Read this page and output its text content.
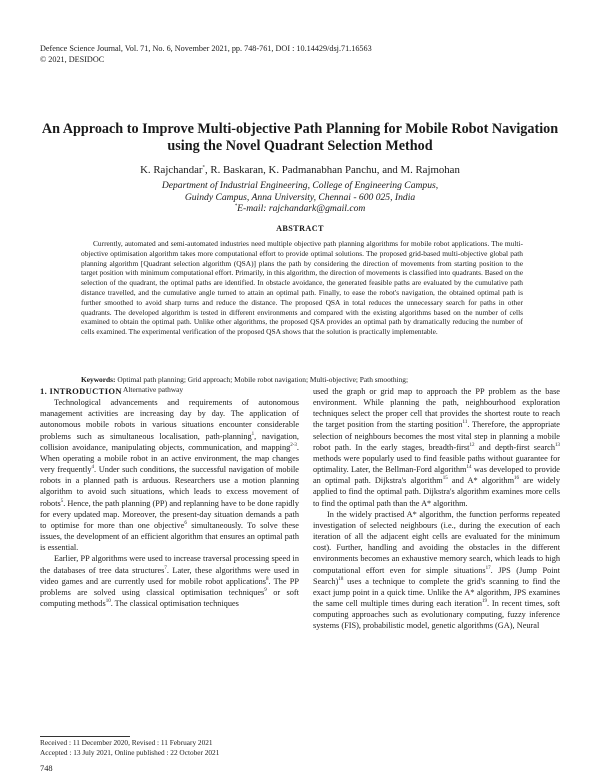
Defence Science Journal, Vol. 71, No. 6, November 2021, pp. 748-761, DOI : 10.14429/dsj.71.16563
© 2021, DESIDOC
An Approach to Improve Multi-objective Path Planning for Mobile Robot Navigation
using the Novel Quadrant Selection Method
K. Rajchandar*, R. Baskaran, K. Padmanabhan Panchu, and M. Rajmohan
Department of Industrial Engineering, College of Engineering Campus,
Guindy Campus, Anna University, Chennai - 600 025, India
*E-mail: rajchandark@gmail.com
ABSTRACT
Currently, automated and semi-automated industries need multiple objective path planning algorithms for mobile robot applications. The multi-objective optimisation algorithm takes more computational effort to provide optimal solutions. The proposed grid-based multi-objective global path planning algorithm [Quadrant selection algorithm (QSA)] plans the path by considering the direction of movements from starting position to the target position with minimum computational effort. Primarily, in this algorithm, the direction of movements is classified into quadrants. Based on the selection of the quadrant, the optimal paths are identified. In obstacle avoidance, the generated feasible paths are evaluated by the cumulative path distance travelled, and the cumulative angle turned to attain an optimal path. Finally, to ease the robot's navigation, the obtained optimal path is further smoothed to avoid sharp turns and reduce the distance. The proposed QSA in total reduces the unnecessary search for paths in other quadrants. The developed algorithm is tested in different environments and compared with the existing algorithms based on the number of cells examined to obtain the optimal path. Unlike other algorithms, the proposed QSA provides an optimal path by dramatically reducing the number of cells examined. The experimental verification of the proposed QSA shows that the solution is practically implementable.
Keywords: Optimal path planning; Grid approach; Mobile robot navigation; Multi-objective; Path smoothing;
Alternative pathway

1. INTRODUCTION

Technological advancements and requirements of autonomous management activities are increasing day by day. The application of autonomous mobile robots in various situations encounter considerable problems such as simultaneous localisation, path-planning$^1$, navigation, collision avoidance, manipulating objects, communication, and mapping$^{2-3}$. When operating a mobile robot in an active environment, the map changes very frequently$^4$. Under such conditions, the successful navigation of mobile robots in a planned path is arduous. Researchers use a motion planning algorithm to avoid such situations, which leads to excess movement of robots$^5$. Hence, the path planning (PP) and replanning have to be done rapidly for every updated map. Moreover, the present-day situation demands a path to optimise for more than one objective$^6$ simultaneously. To solve these issues, the development of an efficient algorithm that ensures an optimal path is essential.

Earlier, PP algorithms were used to increase traversal processing speed in the databases of tree data structures$^7$. Later, these algorithms were used in video games and are currently used for mobile robot applications$^8$. The PP problems are solved using classical optimisation techniques$^9$ or soft computing methods$^{10}$. The classical optimisation techniques

used the graph or grid map to approach the PP problem as the base environment. While planning the path, neighbourhood exploration techniques select the proper cell that provides the shortest route to reach the target position from the starting position$^{11}$. Therefore, the appropriate selection of neighbours becomes the most vital step in planning a mobile robot path. In the early stages, breadth-first$^{12}$ and depth-first search$^{13}$ methods were popularly used to find feasible paths without guarantee for optimality. Later, the Bellman-Ford algorithm$^{14}$ was developed to provide an optimal path. Dijkstra's algorithm$^{15}$ and A* algorithm$^{16}$ are widely applied to find the optimal path. Dijkstra's algorithm examines more cells to find the optimal path than the A* algorithm.

In the widely practised A* algorithm, the function performs repeated investigation of selected neighbours (i.e., during the execution of each iteration of all the adjacent eight cells are evaluated for the minimum cost). Further, handling and avoiding the obstacles in the different environments becomes an exhaustive memory search, which leads to high computational effort even for simple situations$^{17}$. JPS (Jump Point Search)$^{18}$ uses a technique to complete the grid's scanning to find the exact jump point in a quick time. Unlike the A* algorithm, JPS examines the same cell multiple times during each iteration$^{19}$. In recent times, soft computing approaches such as evolutionary computing, fuzzy inference systems (FIS), probabilistic model, genetic algorithms (GA), Neural

Received : 11 December 2020, Revised : 11 February 2021
Accepted : 13 July 2021, Online published : 22 October 2021
748
